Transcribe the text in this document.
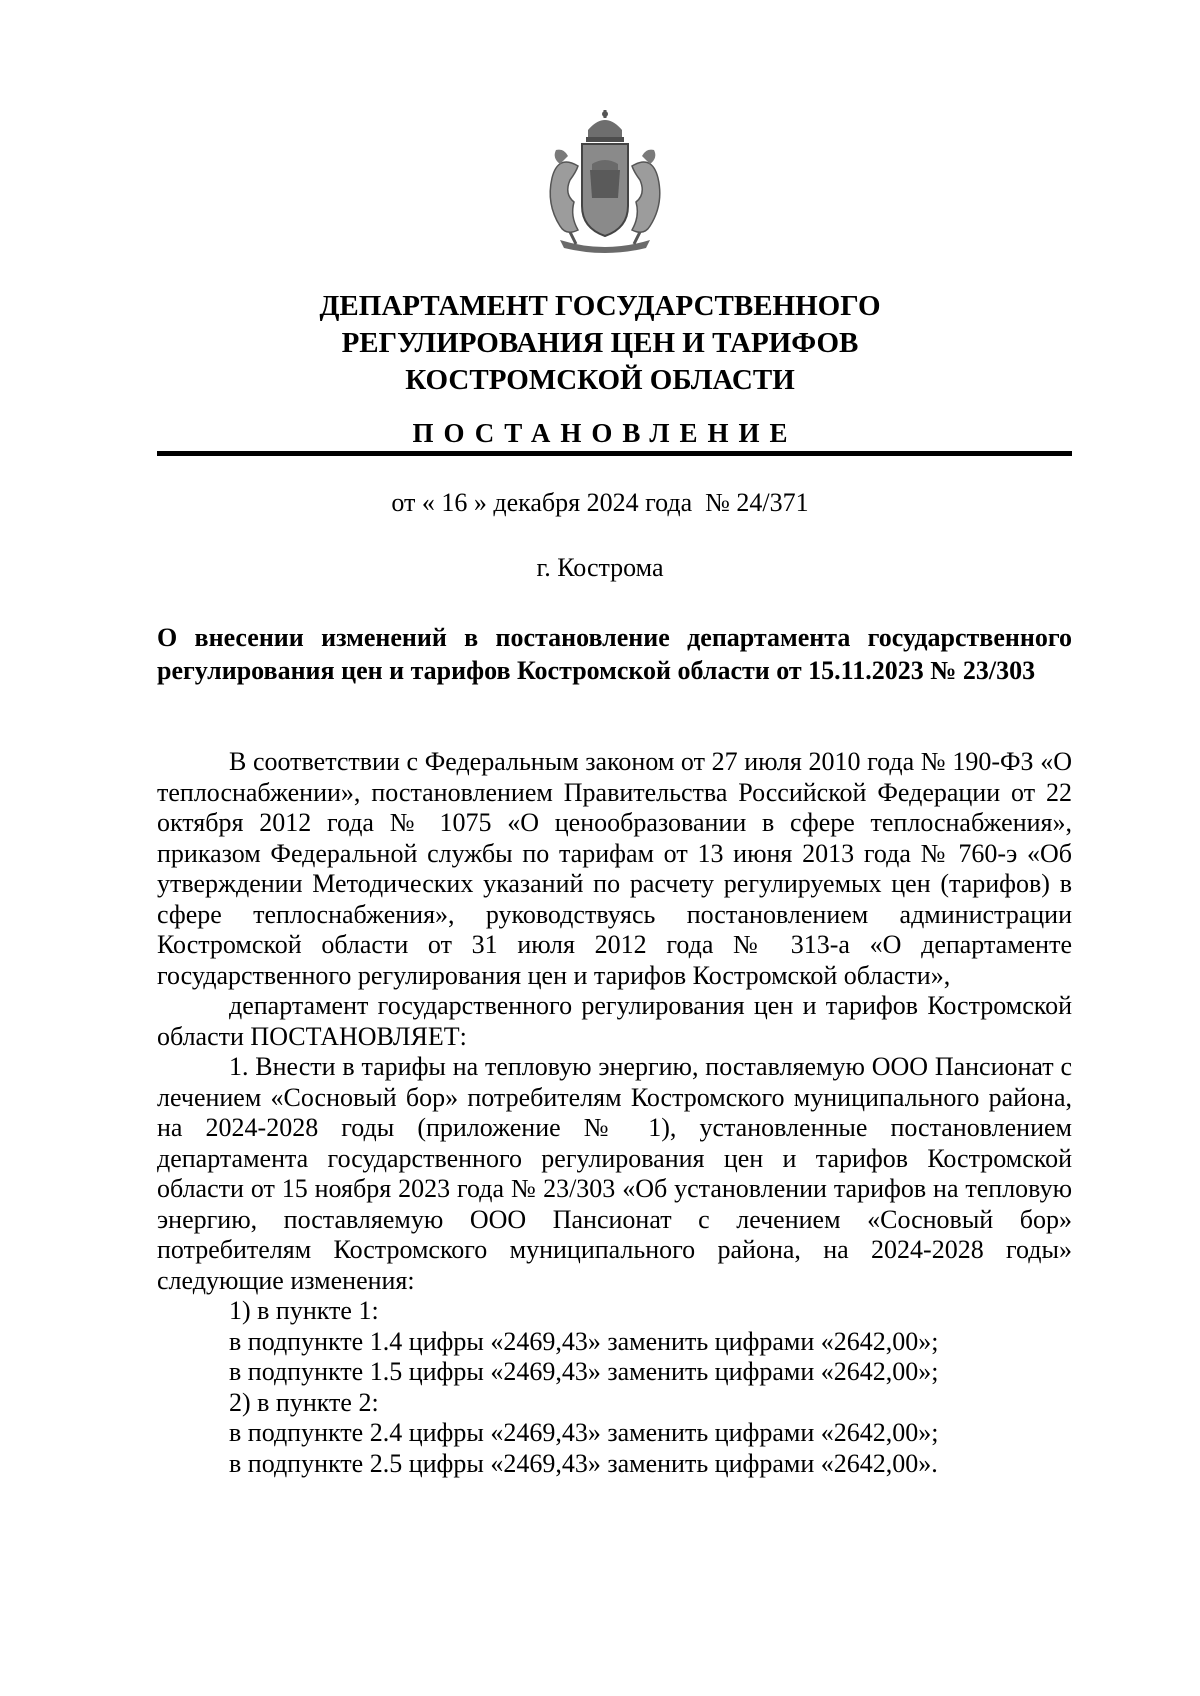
ДЕПАРТАМЕНТ ГОСУДАРСТВЕННОГО
РЕГУЛИРОВАНИЯ ЦЕН И ТАРИФОВ
КОСТРОМСКОЙ ОБЛАСТИ
ПОСТАНОВЛЕНИЕ
от « 16 » декабря 2024 года  № 24/371
г. Кострома
О внесении изменений в постановление департамента государственного регулирования цен и тарифов Костромской области от 15.11.2023 № 23/303

В соответствии с Федеральным законом от 27 июля 2010 года № 190-ФЗ «О теплоснабжении», постановлением Правительства Российской Федерации от 22 октября 2012 года № 1075 «О ценообразовании в сфере теплоснабжения», приказом Федеральной службы по тарифам от 13 июня 2013 года № 760-э «Об утверждении Методических указаний по расчету регулируемых цен (тарифов) в сфере теплоснабжения», руководствуясь постановлением администрации Костромской области от 31 июля 2012 года № 313-а «О департаменте государственного регулирования цен и тарифов Костромской области»,

департамент государственного регулирования цен и тарифов Костромской области ПОСТАНОВЛЯЕТ:

1. Внести в тарифы на тепловую энергию, поставляемую ООО Пансионат с лечением «Сосновый бор» потребителям Костромского муниципального района, на 2024-2028 годы (приложение № 1), установленные постановлением департамента государственного регулирования цен и тарифов Костромской области от 15 ноября 2023 года № 23/303 «Об установлении тарифов на тепловую энергию, поставляемую ООО Пансионат с лечением «Сосновый бор» потребителям Костромского муниципального района, на 2024-2028 годы» следующие изменения:

1) в пункте 1:

в подпункте 1.4 цифры «2469,43» заменить цифрами «2642,00»;

в подпункте 1.5 цифры «2469,43» заменить цифрами «2642,00»;

2) в пункте 2:

в подпункте 2.4 цифры «2469,43» заменить цифрами «2642,00»;

в подпункте 2.5 цифры «2469,43» заменить цифрами «2642,00».
